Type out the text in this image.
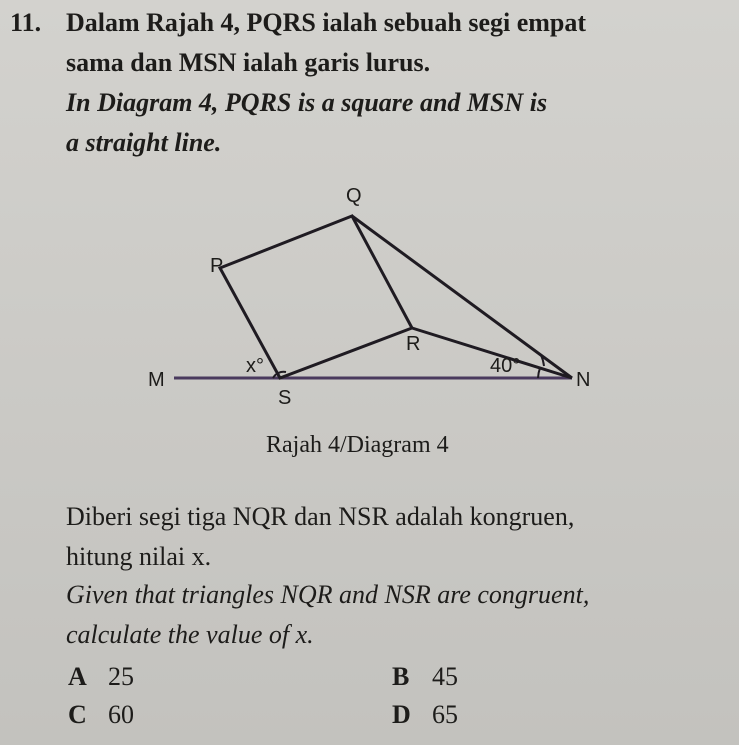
11. Dalam Rajah 4, PQRS ialah sebuah segi empat
sama dan MSN ialah garis lurus.
In Diagram 4, PQRS is a square and MSN is
a straight line.
Q
P
R
M
S
N
x°	40°
Rajah 4/Diagram 4
Diberi segi tiga NQR dan NSR adalah kongruen,
hitung nilai x.
Given that triangles NQR and NSR are congruent,
calculate the value of x.
A 25	B 45
C 60	D 65
